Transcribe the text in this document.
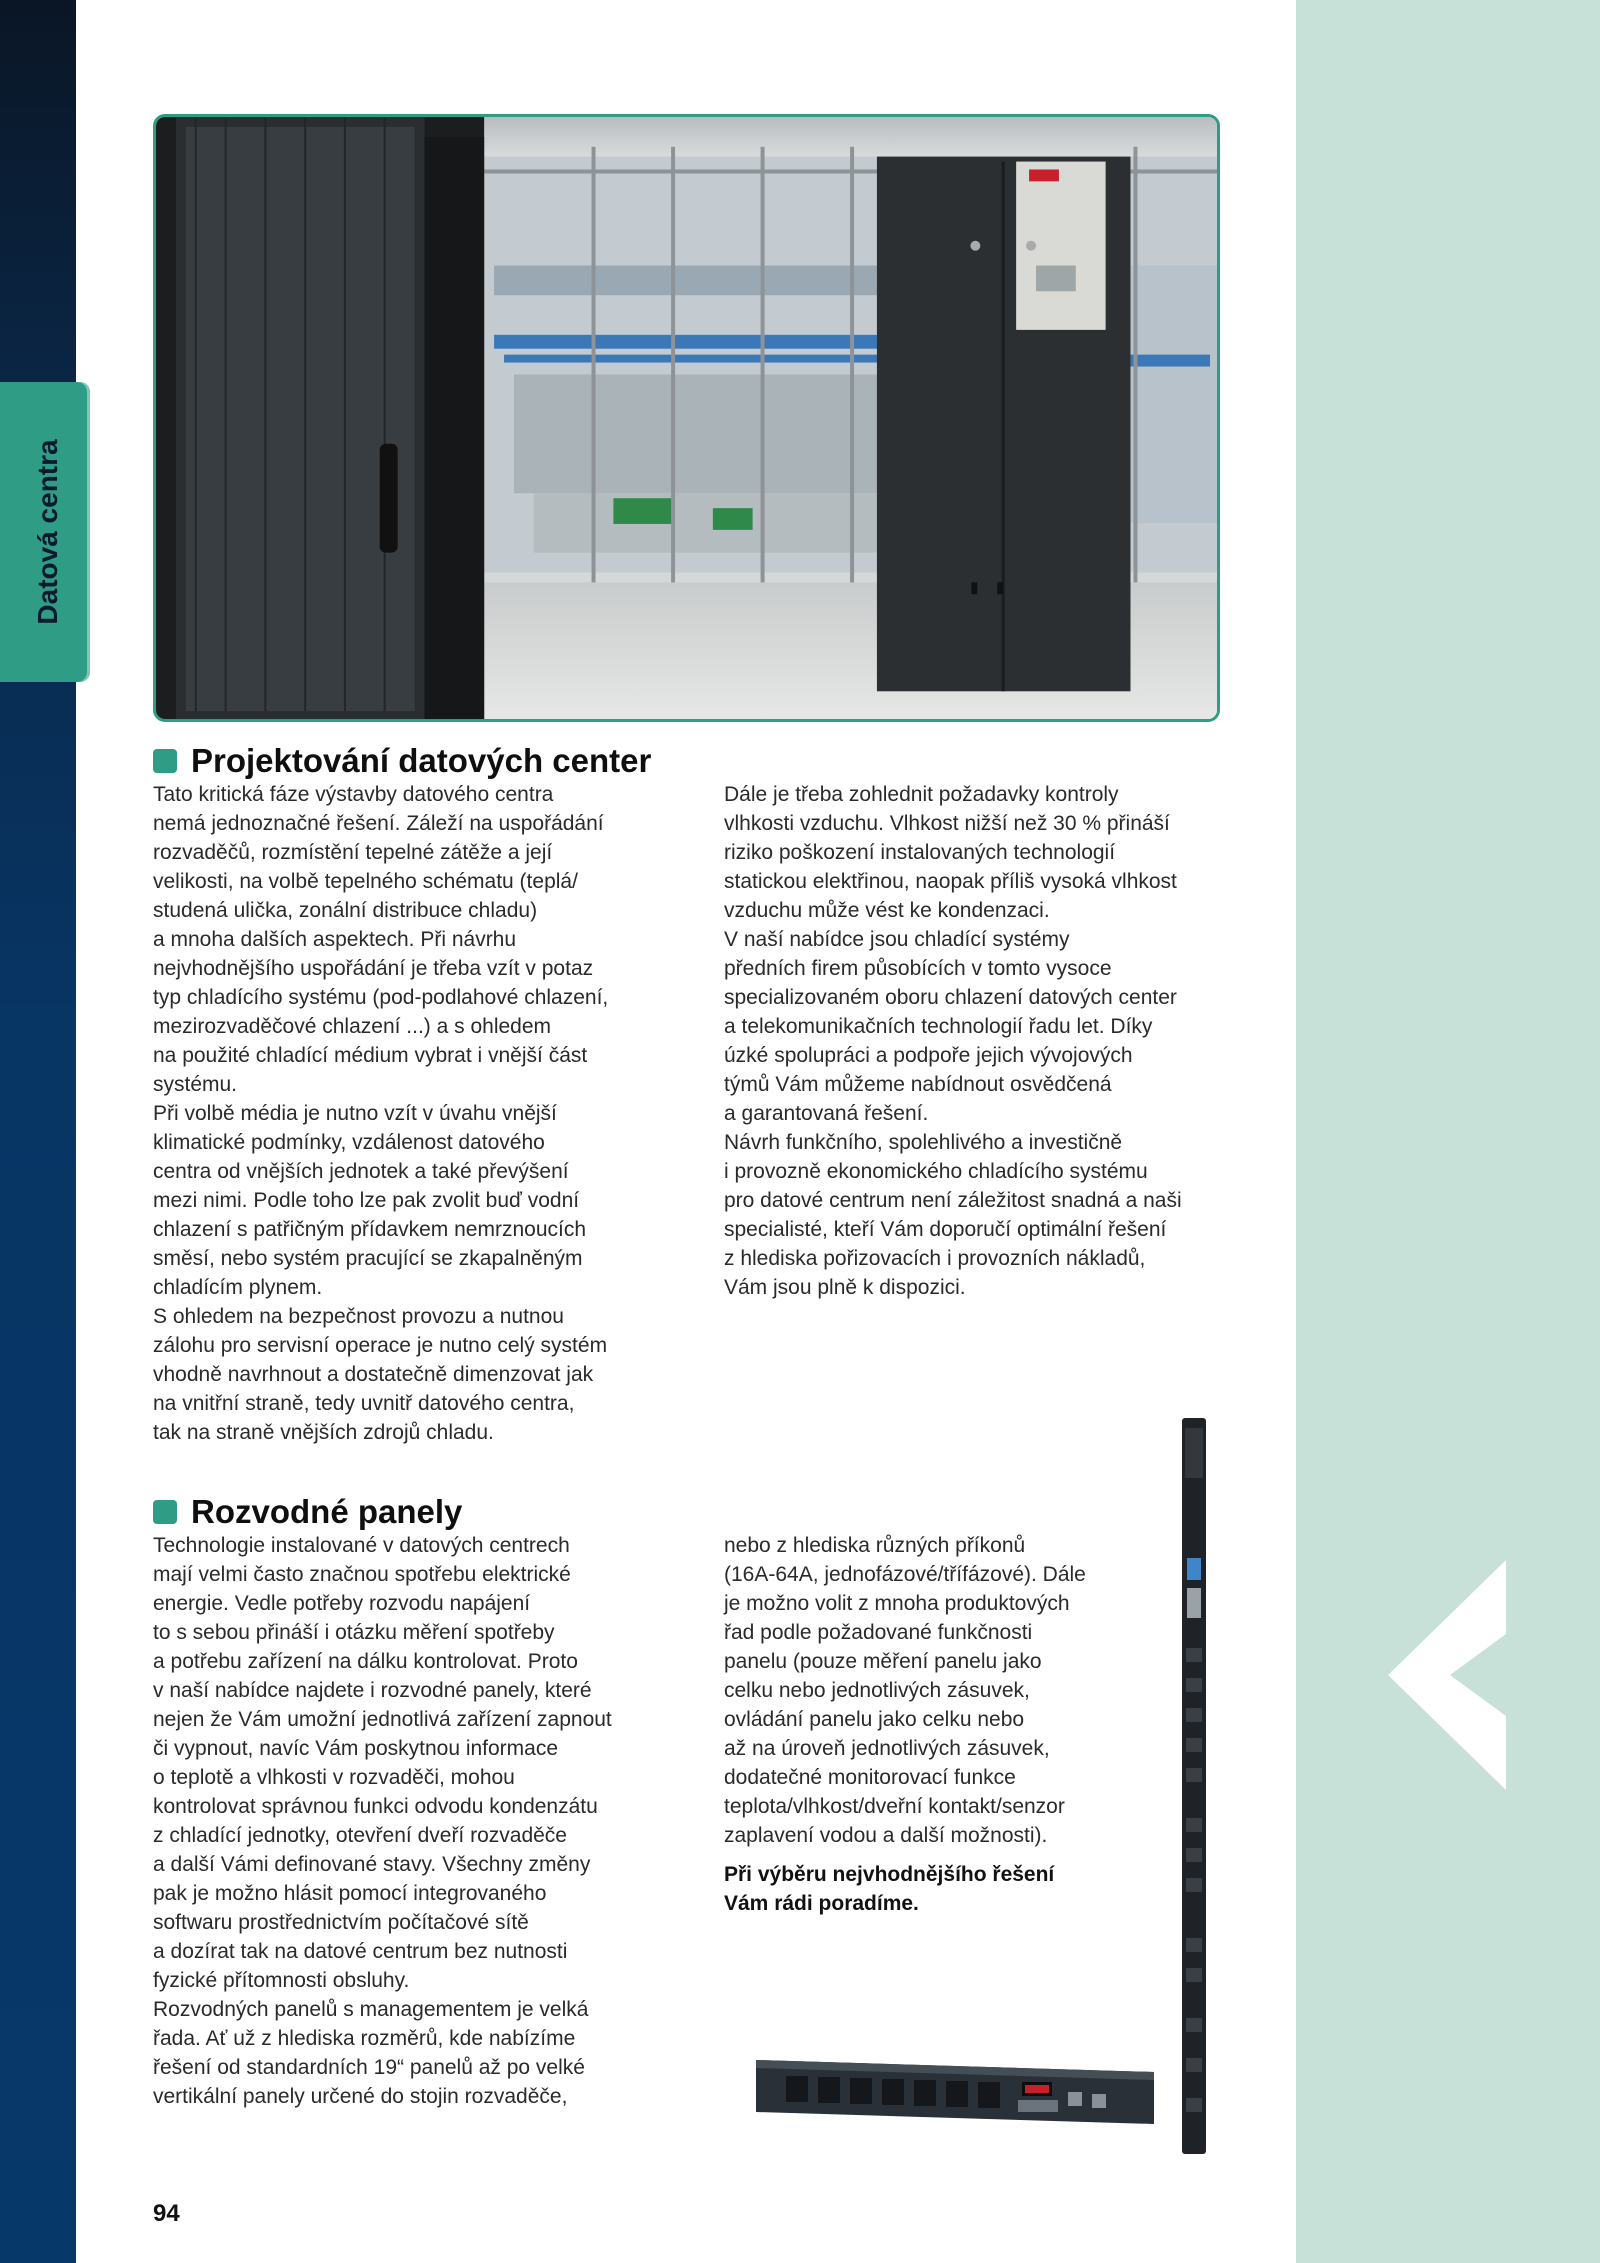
Datová centra
Projektování datových center

Tato kritická fáze výstavby datového centra

nemá jednoznačné řešení. Záleží na uspořádání

rozvaděčů, rozmístění tepelné zátěže a její

velikosti, na volbě tepelného schématu (teplá/

studená ulička, zonální distribuce chladu)

a mnoha dalších aspektech. Při návrhu

nejvhodnějšího uspořádání je třeba vzít v potaz

typ chladícího systému (pod-podlahové chlazení,

mezirozvaděčové chlazení ...) a s ohledem

na použité chladící médium vybrat i vnější část

systému.

Při volbě média je nutno vzít v úvahu vnější

klimatické podmínky, vzdálenost datového

centra od vnějších jednotek a také převýšení

mezi nimi. Podle toho lze pak zvolit buď vodní

chlazení s patřičným přídavkem nemrznoucích

směsí, nebo systém pracující se zkapalněným

chladícím plynem.

S ohledem na bezpečnost provozu a nutnou

zálohu pro servisní operace je nutno celý systém

vhodně navrhnout a dostatečně dimenzovat jak

na vnitřní straně, tedy uvnitř datového centra,

tak na straně vnějších zdrojů chladu.

Dále je třeba zohlednit požadavky kontroly

vlhkosti vzduchu. Vlhkost nižší než 30 % přináší

riziko poškození instalovaných technologií

statickou elektřinou, naopak příliš vysoká vlhkost

vzduchu může vést ke kondenzaci.

V naší nabídce jsou chladící systémy

předních firem působících v tomto vysoce

specializovaném oboru chlazení datových center

a telekomunikačních technologií řadu let. Díky

úzké spolupráci a podpoře jejich vývojových

týmů Vám můžeme nabídnout osvědčená

a garantovaná řešení.

Návrh funkčního, spolehlivého a investičně

i provozně ekonomického chladícího systému

pro datové centrum není záležitost snadná a naši

specialisté, kteří Vám doporučí optimální řešení

z hlediska pořizovacích i provozních nákladů,

Vám jsou plně k dispozici.

Rozvodné panely

Technologie instalované v datových centrech

mají velmi často značnou spotřebu elektrické

energie. Vedle potřeby rozvodu napájení

to s sebou přináší i otázku měření spotřeby

a potřebu zařízení na dálku kontrolovat. Proto

v naší nabídce najdete i rozvodné panely, které

nejen že Vám umožní jednotlivá zařízení zapnout

či vypnout, navíc Vám poskytnou informace

o teplotě a vlhkosti v rozvaděči, mohou

kontrolovat správnou funkci odvodu kondenzátu

z chladící jednotky, otevření dveří rozvaděče

a další Vámi definované stavy. Všechny změny

pak je možno hlásit pomocí integrovaného

softwaru prostřednictvím počítačové sítě

a dozírat tak na datové centrum bez nutnosti

fyzické přítomnosti obsluhy.

Rozvodných panelů s managementem je velká

řada. Ať už z hlediska rozměrů, kde nabízíme

řešení od standardních 19“ panelů až po velké

vertikální panely určené do stojin rozvaděče,

nebo z hlediska různých příkonů

(16A-64A, jednofázové/třífázové). Dále

je možno volit z mnoha produktových

řad podle požadované funkčnosti

panelu (pouze měření panelu jako

celku nebo jednotlivých zásuvek,

ovládání panelu jako celku nebo

až na úroveň jednotlivých zásuvek,

dodatečné monitorovací funkce

teplota/vlhkost/dveřní kontakt/senzor

zaplavení vodou a další možnosti).

Při výběru nejvhodnějšího řešení

Vám rádi poradíme.

94
